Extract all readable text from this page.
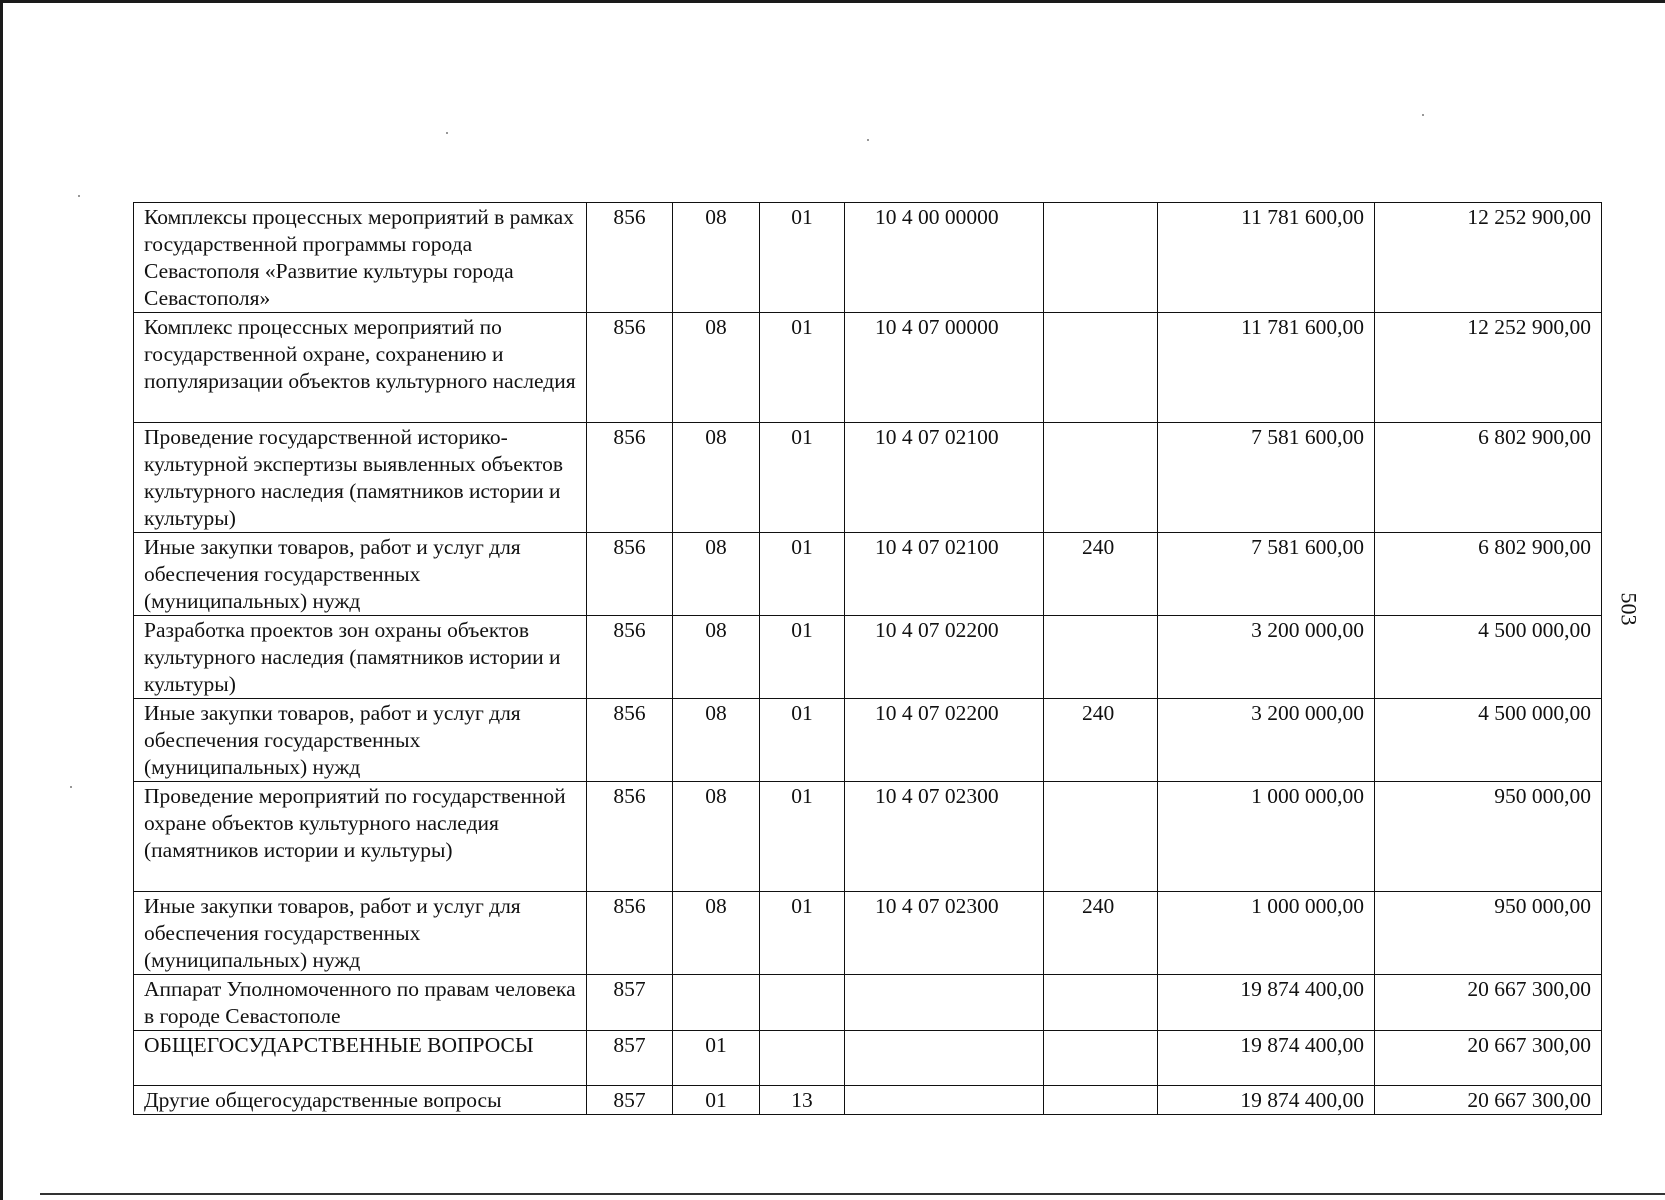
503
Комплексы процессных мероприятий в рамках государственной программы города Севастополя «Развитие культуры города Севастополя»	856	08	01	10 4 00 00000		11 781 600,00	12 252 900,00
Комплекс процессных мероприятий по государственной охране, сохранению и популяризации объектов культурного наследия	856	08	01	10 4 07 00000		11 781 600,00	12 252 900,00
Проведение государственной историко-культурной экспертизы выявленных объектов культурного наследия (памятников истории и культуры)	856	08	01	10 4 07 02100		7 581 600,00	6 802 900,00
Иные закупки товаров, работ и услуг для обеспечения государственных (муниципальных) нужд	856	08	01	10 4 07 02100	240	7 581 600,00	6 802 900,00
Разработка проектов зон охраны объектов культурного наследия (памятников истории и культуры)	856	08	01	10 4 07 02200		3 200 000,00	4 500 000,00
Иные закупки товаров, работ и услуг для обеспечения государственных (муниципальных) нужд	856	08	01	10 4 07 02200	240	3 200 000,00	4 500 000,00
Проведение мероприятий по государственной охране объектов культурного наследия (памятников истории и культуры)	856	08	01	10 4 07 02300		1 000 000,00	950 000,00
Иные закупки товаров, работ и услуг для обеспечения государственных (муниципальных) нужд	856	08	01	10 4 07 02300	240	1 000 000,00	950 000,00
Аппарат Уполномоченного по правам человека в городе Севастополе	857					19 874 400,00	20 667 300,00
ОБЩЕГОСУДАРСТВЕННЫЕ ВОПРОСЫ	857	01				19 874 400,00	20 667 300,00
Другие общегосударственные вопросы	857	01	13			19 874 400,00	20 667 300,00
